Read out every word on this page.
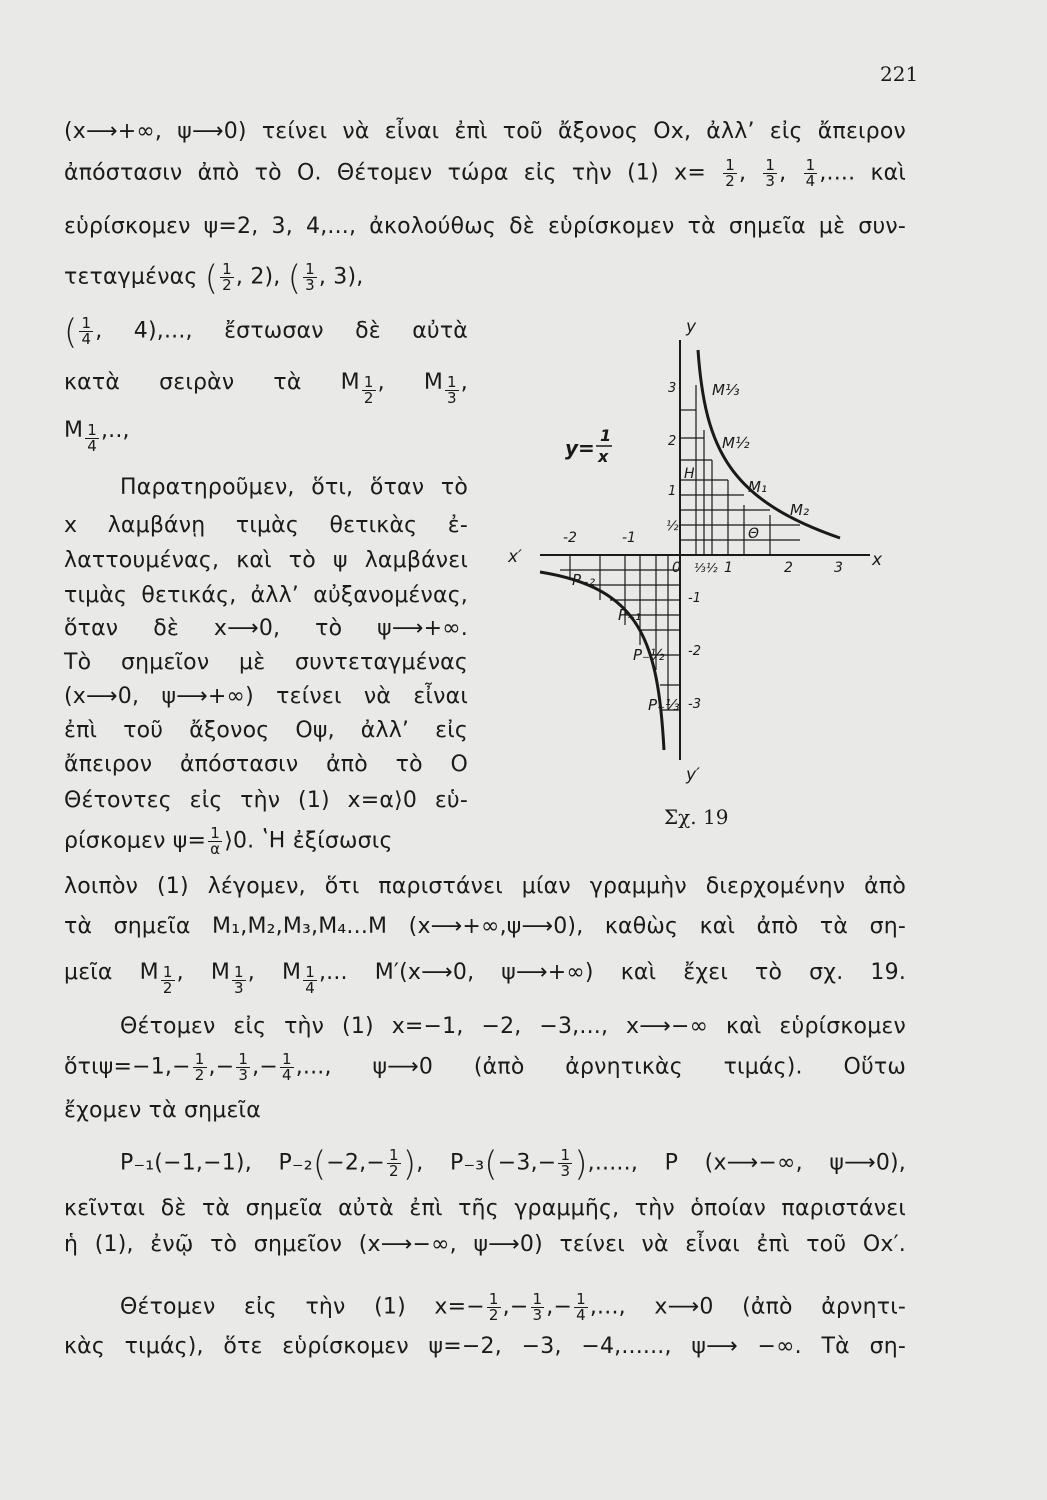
221
(x⟶+∞, ψ⟶0) τείνει νὰ εἶναι ἐπὶ τοῦ ἄξονος Ox, ἀλλ’ εἰς ἄπειρον
ἀπόστασιν ἀπὸ τὸ Ο. Θέτομεν τώρα εἰς τὴν (1) $x= \frac{1}{2}$ , $\frac{1}{3}$ , $\frac{1}{4}$ ,.... καὶ
εὑρίσκομεν ψ=2, 3, 4,..., ἀκολούθως δὲ εὑρίσκομεν τὰ σημεῖα μὲ συν-
τεταγμένας ( $\frac{1}{2}$ , 2), ( $\frac{1}{3}$ , 3),
( $\frac{1}{4}$ , 4),..., ἔστωσαν δὲ αὐτὰ
κατὰ σειρὰν τὰ Μ $_{\frac{1}{2}}$ , Μ $_{\frac{1}{3}}$ ,
Μ $_{\frac{1}{4}}$ ,..,
Παρατηροῦμεν, ὅτι, ὅταν τὸ
x λαμβάνῃ τιμὰς θετικὰς ἐ-
λαττουμένας, καὶ τὸ ψ λαμβάνει
τιμὰς θετικάς, ἀλλ’ αὐξανομένας,
ὅταν δὲ x⟶0, τὸ ψ⟶+∞.
Τὸ σημεῖον μὲ συντεταγμένας
(x⟶0, ψ⟶+∞) τείνει νὰ εἶναι
ἐπὶ τοῦ ἄξονος Οψ, ἀλλ’ εἰς
ἄπειρον ἀπόστασιν ἀπὸ τὸ Ο
Θέτοντες εἰς τὴν (1) x=α⟩0 εὑ-
ρίσκομεν $\psi= \frac{1}{\alpha}$ ⟩0. ʽΗ ἐξίσωσις
λοιπὸν (1) λέγομεν, ὅτι παριστάνει μίαν γραμμὴν διερχομένην ἀπὸ
τὰ σημεῖα Μ₁,Μ₂,Μ₃,Μ₄...Μ (x⟶+∞,ψ⟶0), καθὼς καὶ ἀπὸ τὰ ση-
μεῖα Μ $_{\frac{1}{2}}$ , Μ $_{\frac{1}{3}}$ , Μ $_{\frac{1}{4}}$ ,... Μ′(x⟶0, ψ⟶+∞) καὶ ἔχει τὸ σχ. 19.
Θέτομεν εἰς τὴν (1) x=−1, −2, −3,..., x⟶−∞ καὶ εὑρίσκομεν
ὅτιψ=−1,− $\frac{1}{2}$ ,− $\frac{1}{3}$ ,− $\frac{1}{4}$ ,..., ψ⟶0 (ἀπὸ ἀρνητικὰς τιμάς). Οὕτω
ἔχομεν τὰ σημεῖα
P₋₁(−1,−1), $P_{-2}(-2,- \frac{1}{2}$ ), $P_{-3}(-3,- \frac{1}{3}$ ),....., P (x⟶−∞, ψ⟶0),
κεῖνται δὲ τὰ σημεῖα αὐτὰ ἐπὶ τῆς γραμμῆς, τὴν ὁποίαν παριστάνει
ἡ (1), ἐνῷ τὸ σημεῖον (x⟶−∞, ψ⟶0) τείνει νὰ εἶναι ἐπὶ τοῦ Ox′.
Θέτομεν εἰς τὴν (1) $x=- \frac{1}{2}$ ,− $\frac{1}{3}$ ,− $\frac{1}{4}$ ,..., x⟶0 (ἀπὸ ἀρνητι-
κὰς τιμάς), ὅτε εὑρίσκομεν ψ=−2, −3, −4,......, ψ⟶ −∞. Τὰ ση-
y
y′
x
x′
0
y=
1
x
-2	-1
⅓ ½ 1	2	3
3
2
1
½
-1
-2
-3
M⅓
M½
M₁
M₂
H
Θ
P₋₂
P₋₁
P₋½
P₋⅓
Σχ. 19
